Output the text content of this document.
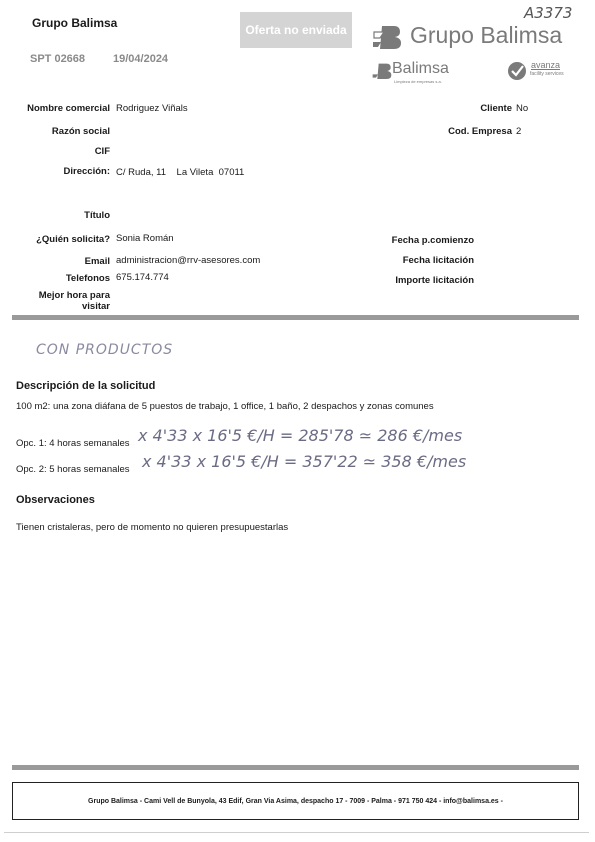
Grupo Balimsa
SPT 02668	19/04/2024
Oferta no enviada
A3373
Grupo Balimsa
Balimsa
Limpieza de empresas s.a.
avanza
facility services
Nombre comercial Rodriguez Viñals
Razón social
CIF
Dirección: C/ Ruda, 11    La Vileta  07011
Título
¿Quién solicita? Sonia Román
Email administracion@rrv-asesores.com
Telefonos 675.174.774
Mejor hora para
visitar
Cliente No
Cod. Empresa 2
Fecha p.comienzo
Fecha licitación
Importe licitación
CON PRODUCTOS
Descripción de la solicitud
100 m2: una zona diáfana de 5 puestos de trabajo, 1 office, 1 baño, 2 despachos y zonas comunes
Opc. 1: 4 horas semanales x 4'33 x 16'5 €/H = 285'78 ≃ 286 €/mes
Opc. 2: 5 horas semanales x 4'33 x 16'5 €/H = 357'22 ≃ 358 €/mes
Observaciones
Tienen cristaleras, pero de momento no quieren presupuestarlas
Grupo Balimsa - Cami Vell de Bunyola, 43 Edif, Gran Via Asima, despacho 17 - 7009 - Palma - 971 750 424 - info@balimsa.es -
